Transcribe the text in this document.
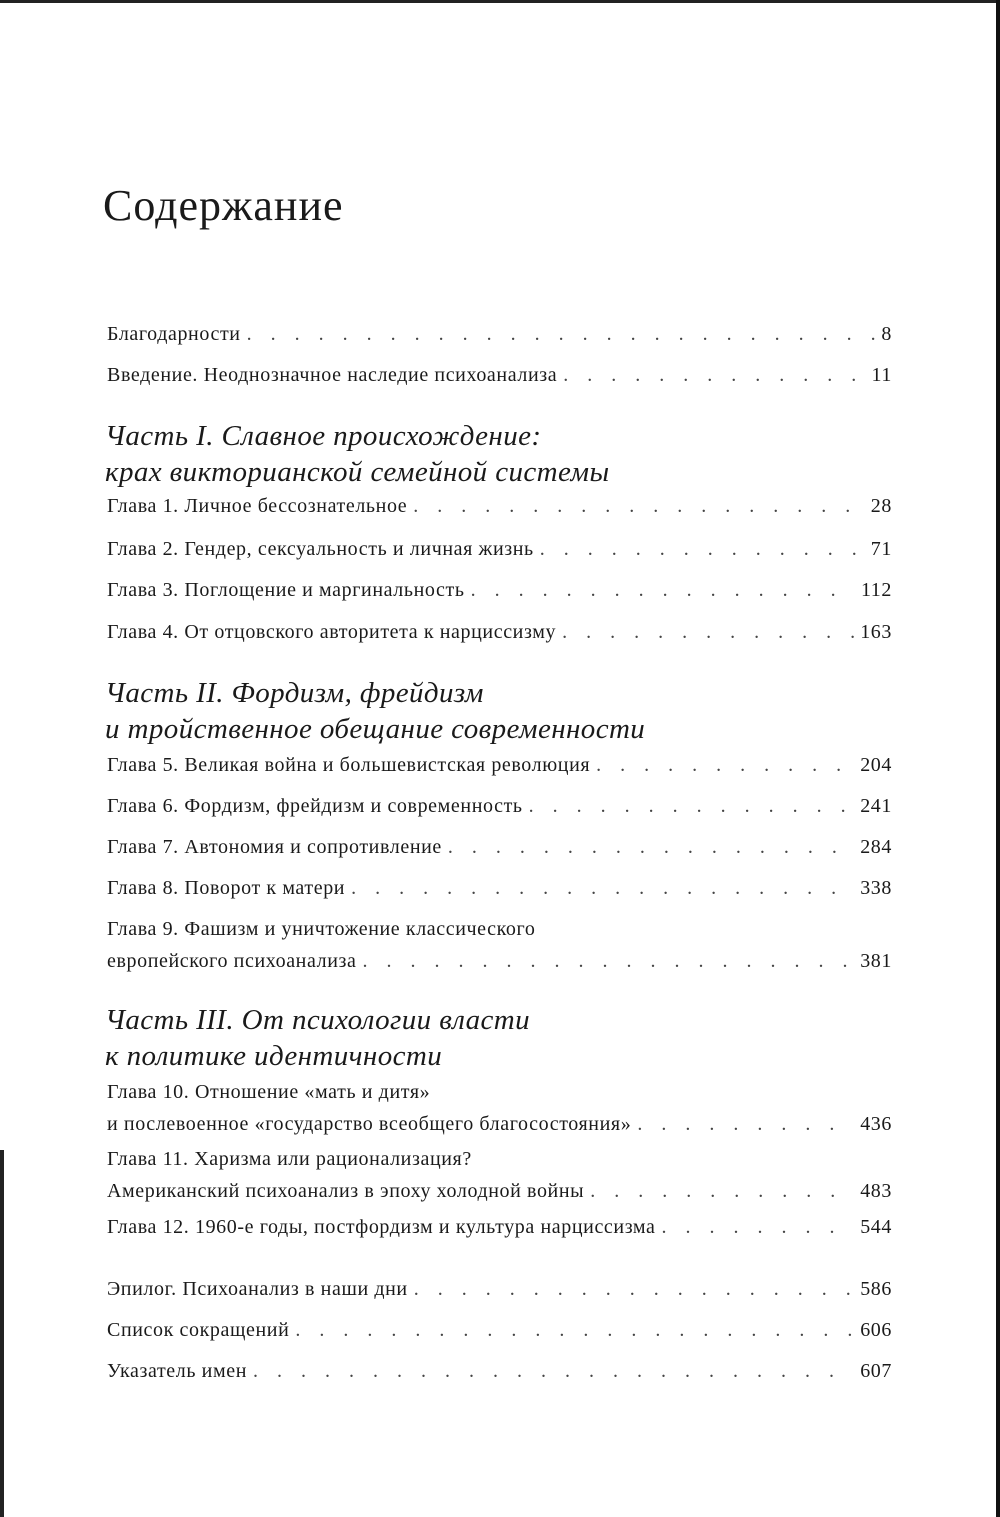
Содержание
Благодарности . . .	8
Введение. Неоднозначное наследие психоанализа . . .	11
Часть I. Славное происхождение:
крах викторианской семейной системы
Глава 1. Личное бессознательное . . .	28
Глава 2. Гендер, сексуальность и личная жизнь . . .	71
Глава 3. Поглощение и маргинальность . . .	112
Глава 4. От отцовского авторитета к нарциссизму . . .	163
Часть II. Фордизм, фрейдизм
и тройственное обещание современности
Глава 5. Великая война и большевистская революция . . .	204
Глава 6. Фордизм, фрейдизм и современность . . .	241
Глава 7. Автономия и сопротивление . . .	284
Глава 8. Поворот к матери . . .	338
Глава 9. Фашизм и уничтожение классического
европейского психоанализа . . .	381
Часть III. От психологии власти
к политике идентичности
Глава 10. Отношение «мать и дитя»
и послевоенное «государство всеобщего благосостояния» . . .	436
Глава 11. Харизма или рационализация?
Американский психоанализ в эпоху холодной войны . . .	483
Глава 12. 1960-е годы, постфордизм и культура нарциссизма . . .	544
Эпилог. Психоанализ в наши дни . . .	586
Список сокращений . . .	606
Указатель имен . . .	607
